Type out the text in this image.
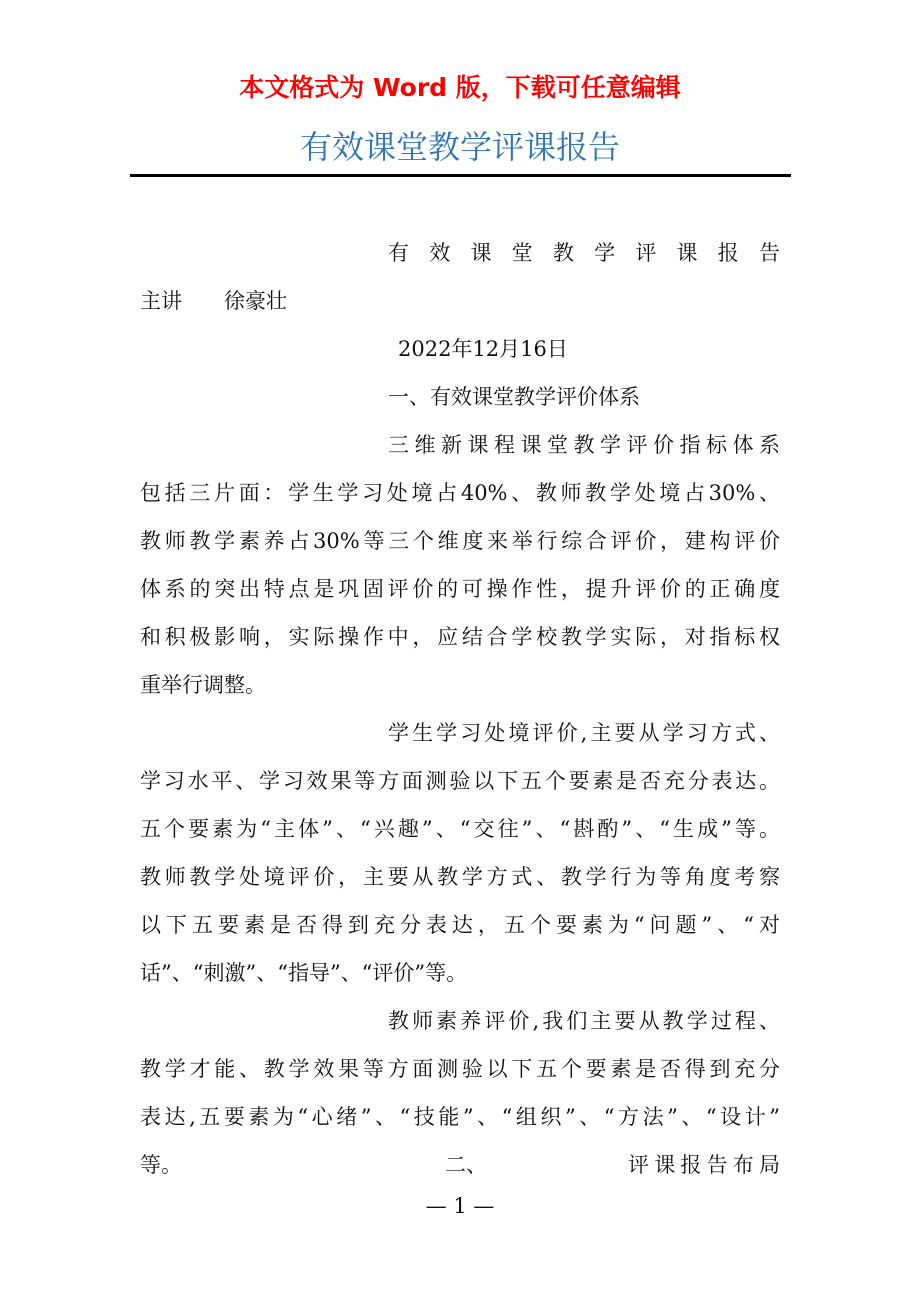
本文格式为 Word 版，下载可任意编辑
有效课堂教学评课报告
有 效 课 堂 教 学 评 课 报 告
主讲　　徐豪壮
2022年12月16日
一、有效课堂教学评价体系
三维新课程课堂教学评价指标体系
包括三片面：学生学习处境占40%、教师教学处境占30%、
教师教学素养占30%等三个维度来举行综合评价，建构评价
体系的突出特点是巩固评价的可操作性，提升评价的正确度
和积极影响，实际操作中，应结合学校教学实际，对指标权
重举行调整。
学生学习处境评价,主要从学习方式、
学习水平、学习效果等方面测验以下五个要素是否充分表达。
五个要素为“主体”、“兴趣”、“交往”、“斟酌”、“生成”等。
教师教学处境评价，主要从教学方式、教学行为等角度考察
以下五要素是否得到充分表达，五个要素为“问题”、“对
话”、“刺激”、“指导”、“评价”等。
教师素养评价,我们主要从教学过程、
教学才能、教学效果等方面测验以下五个要素是否得到充分
表达,五要素为“心绪”、“技能”、“组织”、“方法”、“设计”
等。	二、	评课报告布局
— 1 —
